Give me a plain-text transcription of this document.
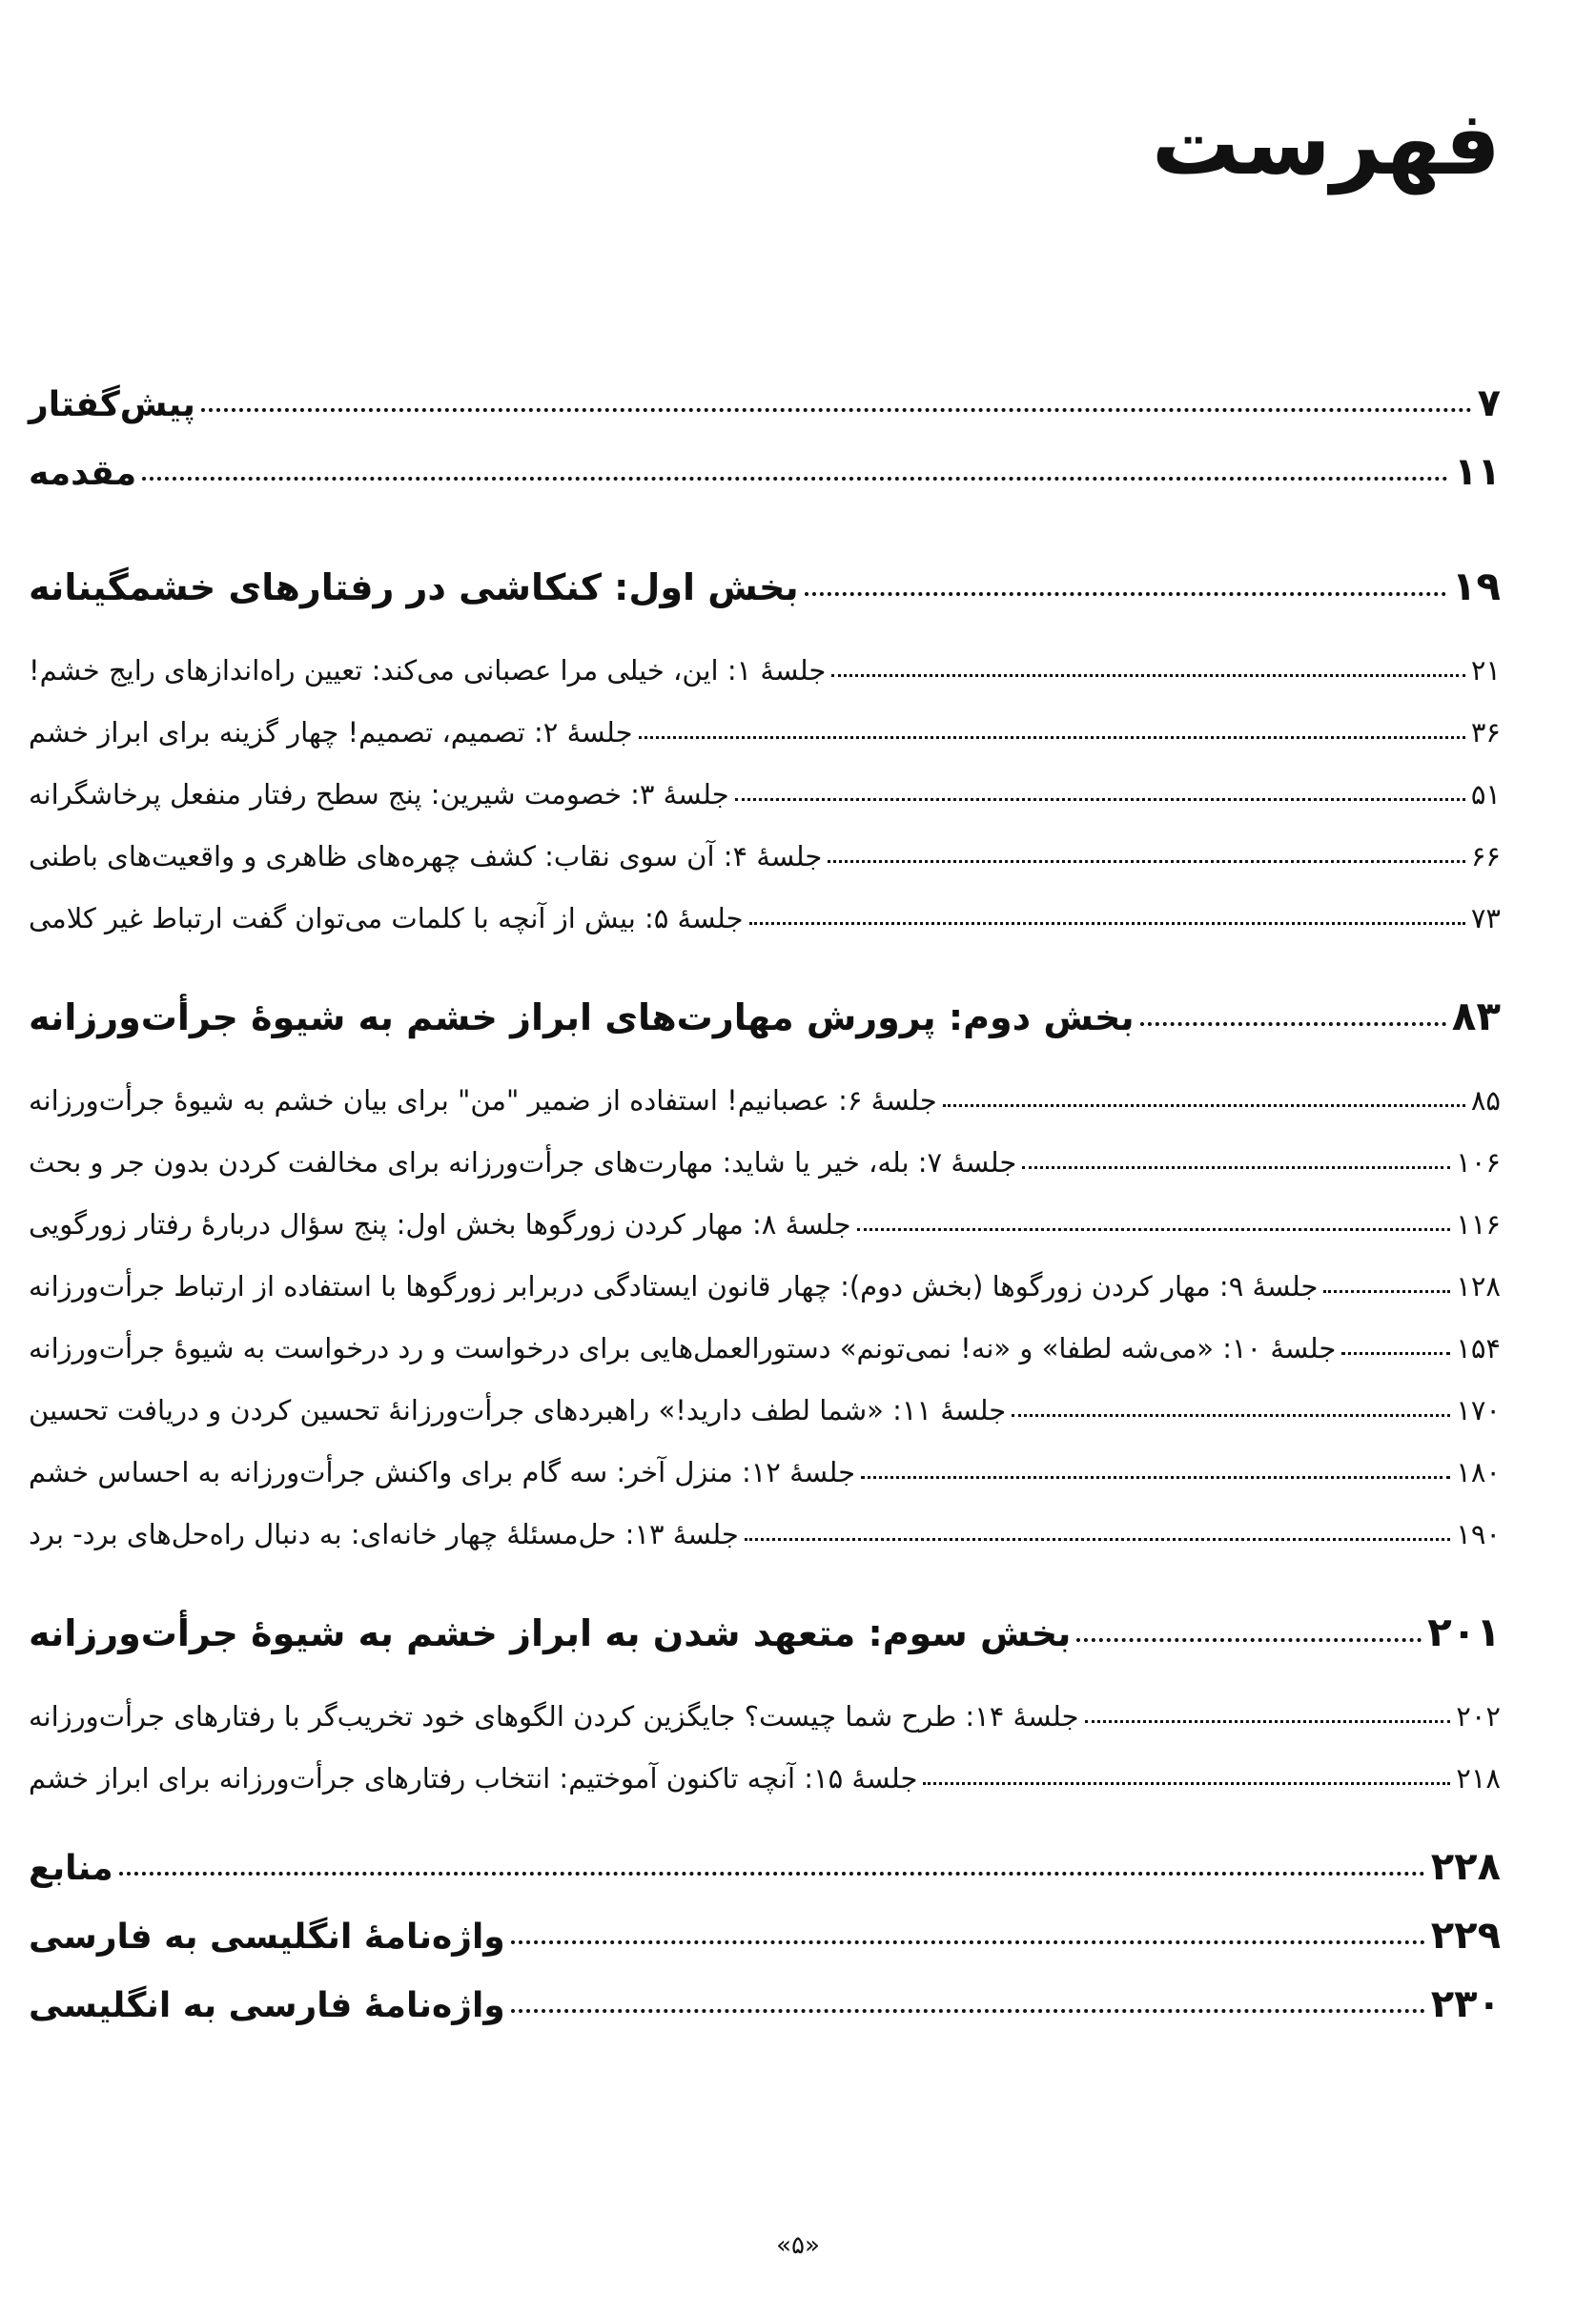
فهرست
پیش‌گفتار	۷
مقدمه	۱۱
بخش اول: کنکاشی در رفتارهای خشمگینانه	۱۹
جلسهٔ ۱: این، خیلی مرا عصبانی می‌کند: تعیین راه‌اندازهای رایج خشم!	۲۱
جلسهٔ ۲: تصمیم، تصمیم! چهار گزینه برای ابراز خشم	۳۶
جلسهٔ ۳: خصومت شیرین: پنج سطح رفتار منفعل پرخاشگرانه	۵۱
جلسهٔ ۴: آن سوی نقاب: کشف چهره‌های ظاهری و واقعیت‌های باطنی	۶۶
جلسهٔ ۵: بیش از آنچه با کلمات می‌توان گفت ارتباط غیر کلامی	۷۳
بخش دوم: پرورش مهارت‌های ابراز خشم به شیوهٔ جرأت‌ورزانه	۸۳
جلسهٔ ۶: عصبانیم! استفاده از ضمیر "من" برای بیان خشم به شیوهٔ جرأت‌ورزانه	۸۵
جلسهٔ ۷: بله، خیر یا شاید: مهارت‌های جرأت‌ورزانه برای مخالفت کردن بدون جر و بحث	۱۰۶
جلسهٔ ۸: مهار کردن زورگوها بخش اول: پنج سؤال دربارهٔ رفتار زورگویی	۱۱۶
جلسهٔ ۹: مهار کردن زورگوها (بخش دوم): چهار قانون ایستادگی دربرابر زورگوها با استفاده از ارتباط جرأت‌ورزانه	۱۲۸
جلسهٔ ۱۰: «می‌شه لطفا» و «نه! نمی‌تونم» دستورالعمل‌هایی برای درخواست و رد درخواست به شیوهٔ جرأت‌ورزانه	۱۵۴
جلسهٔ ۱۱: «شما لطف دارید!» راهبردهای جرأت‌ورزانهٔ تحسین کردن و دریافت تحسین	۱۷۰
جلسهٔ ۱۲: منزل آخر: سه گام برای واکنش جرأت‌ورزانه به احساس خشم	۱۸۰
جلسهٔ ۱۳: حل‌مسئلهٔ چهار خانه‌ای: به دنبال راه‌حل‌های برد- برد	۱۹۰
بخش سوم: متعهد شدن به ابراز خشم به شیوهٔ جرأت‌ورزانه	۲۰۱
جلسهٔ ۱۴: طرح شما چیست؟ جایگزین کردن الگوهای خود تخریب‌گر با رفتارهای جرأت‌ورزانه	۲۰۲
جلسهٔ ۱۵: آنچه تاکنون آموختیم: انتخاب رفتارهای جرأت‌ورزانه برای ابراز خشم	۲۱۸
منابع	۲۲۸
واژه‌نامهٔ انگلیسی به فارسی	۲۲۹
واژه‌نامهٔ فارسی به انگلیسی	۲۳۰
«۵»
